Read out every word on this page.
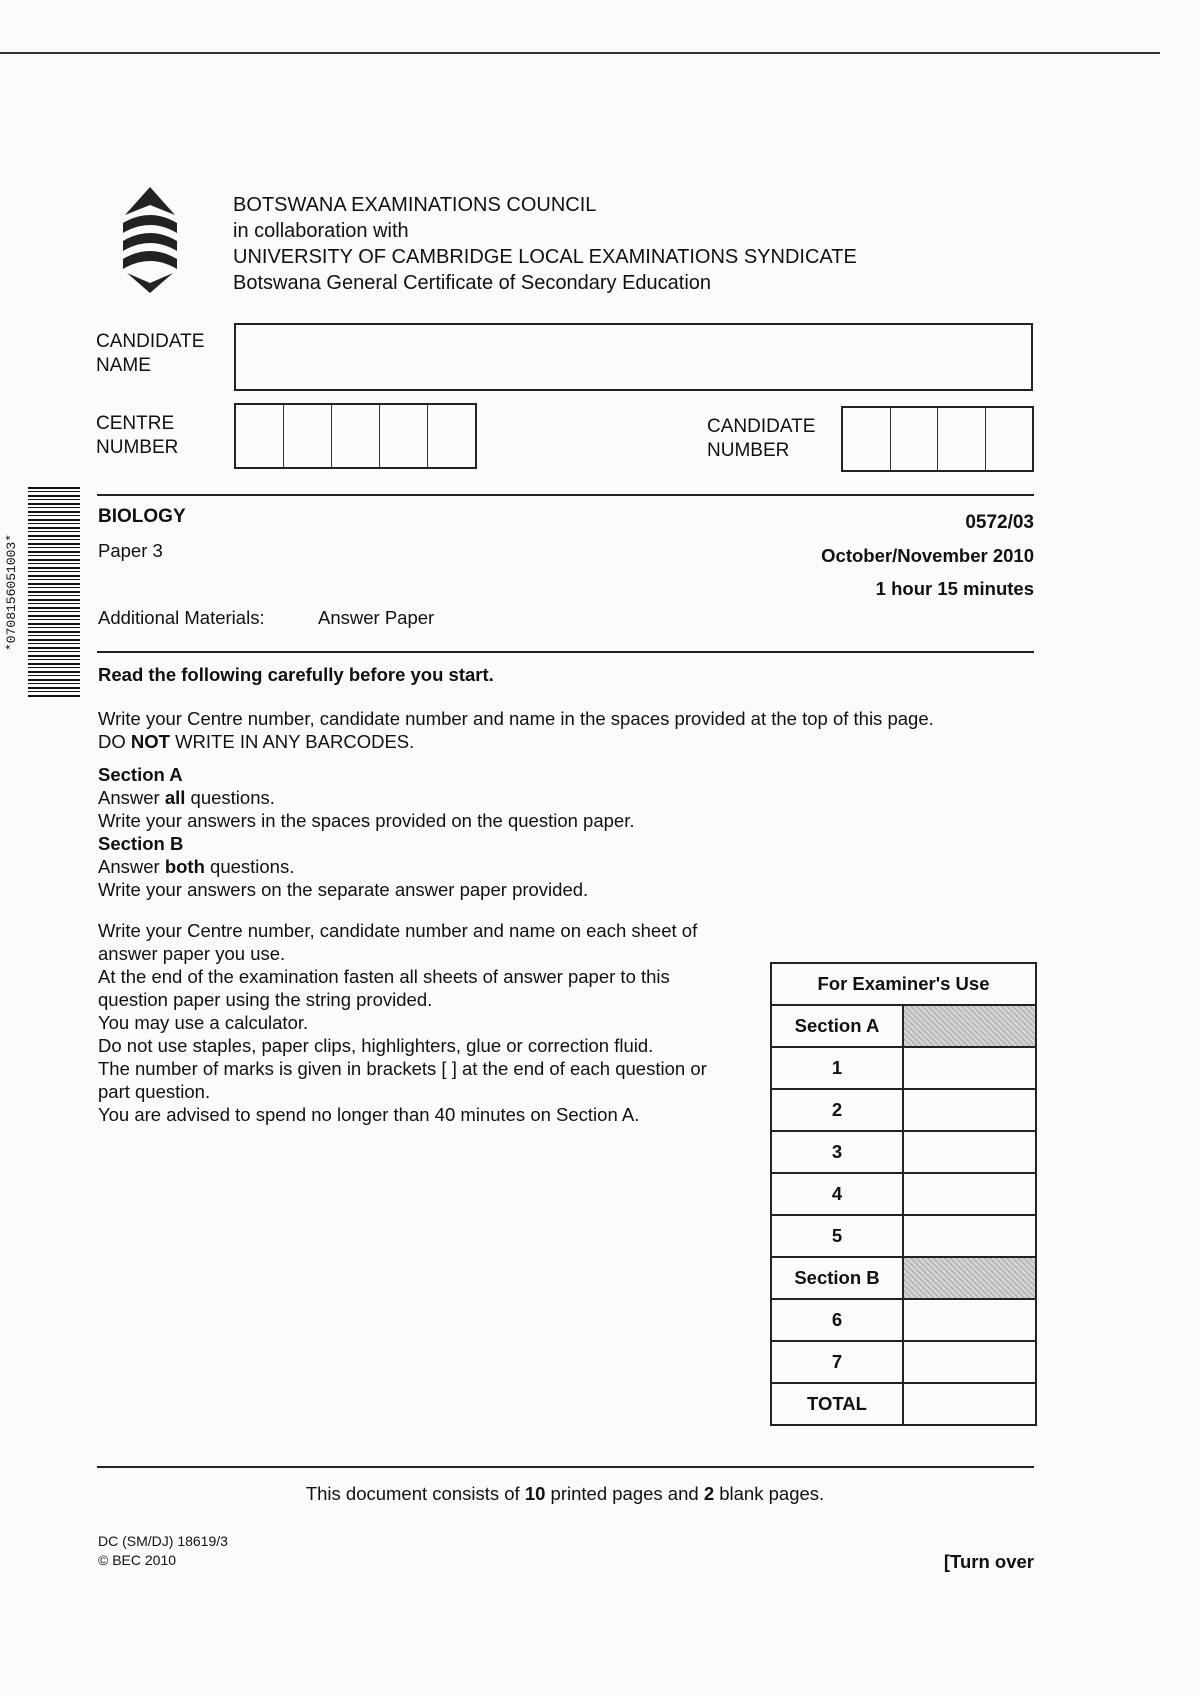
BOTSWANA EXAMINATIONS COUNCIL
in collaboration with
UNIVERSITY OF CAMBRIDGE LOCAL EXAMINATIONS SYNDICATE
Botswana General Certificate of Secondary Education
CANDIDATE
NAME
CENTRE
NUMBER
CANDIDATE
NUMBER
*0708156051003*
BIOLOGY
Paper 3
Additional Materials:	Answer Paper
0572/03
October/November 2010
1 hour 15 minutes
Read the following carefully before you start.
Write your Centre number, candidate number and name in the spaces provided at the top of this page.
DO NOT WRITE IN ANY BARCODES.
Section A
Answer all questions.
Write your answers in the spaces provided on the question paper.
Section B
Answer both questions.
Write your answers on the separate answer paper provided.
Write your Centre number, candidate number and name on each sheet of
answer paper you use.
At the end of the examination fasten all sheets of answer paper to this
question paper using the string provided.
You may use a calculator.
Do not use staples, paper clips, highlighters, glue or correction fluid.
The number of marks is given in brackets [ ] at the end of each question or
part question.
You are advised to spend no longer than 40 minutes on Section A.
For Examiner's Use	
Section A	
1	
2	
3	
4	
5	
Section B	
6	
7	
TOTAL	
This document consists of 10 printed pages and 2 blank pages.
DC (SM/DJ) 18619/3
© BEC 2010	[Turn over
